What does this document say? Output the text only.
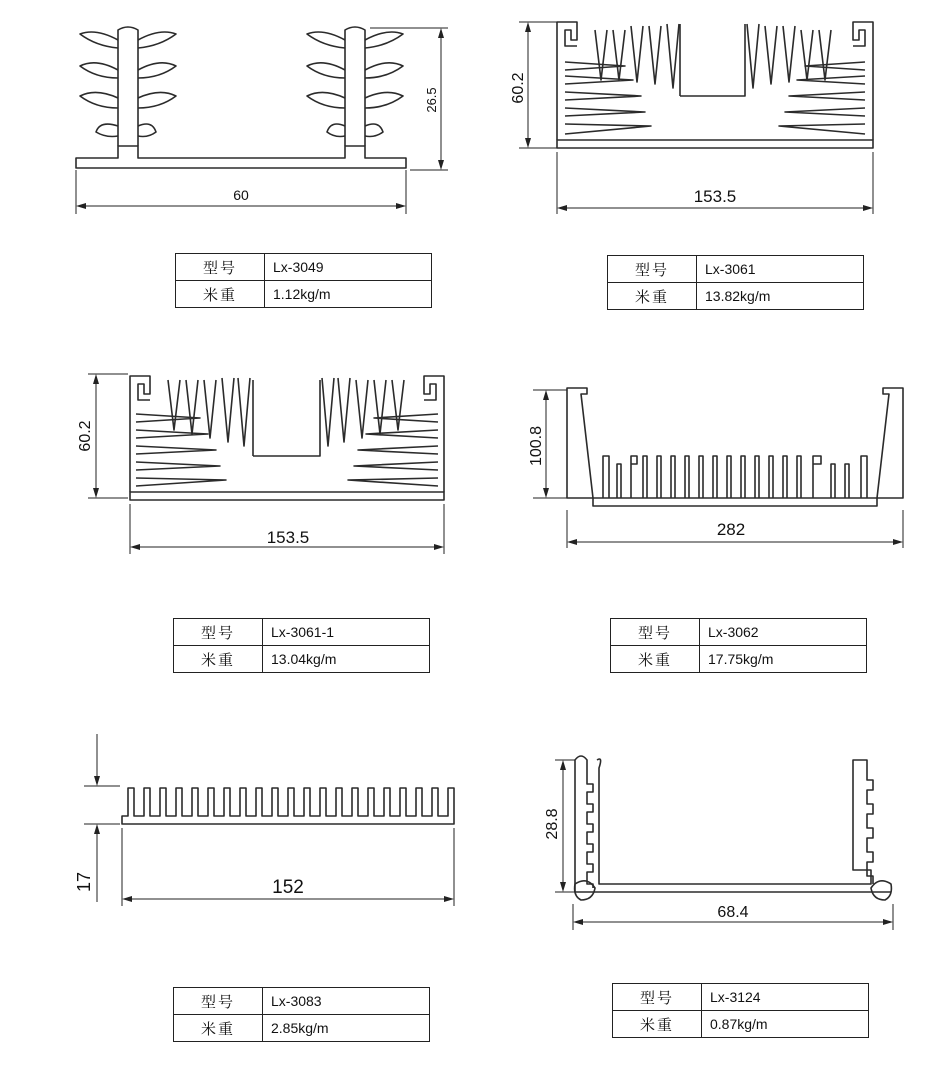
60
26.5
型号	Lx-3049
米重	1.12kg/m
153.5
60.2
型号	Lx-3061
米重	13.82kg/m
153.5
60.2
型号	Lx-3061-1
米重	13.04kg/m
282
100.8
型号	Lx-3062
米重	17.75kg/m
152
17
型号	Lx-3083
米重	2.85kg/m
68.4
28.8
型号	Lx-3124
米重	0.87kg/m
